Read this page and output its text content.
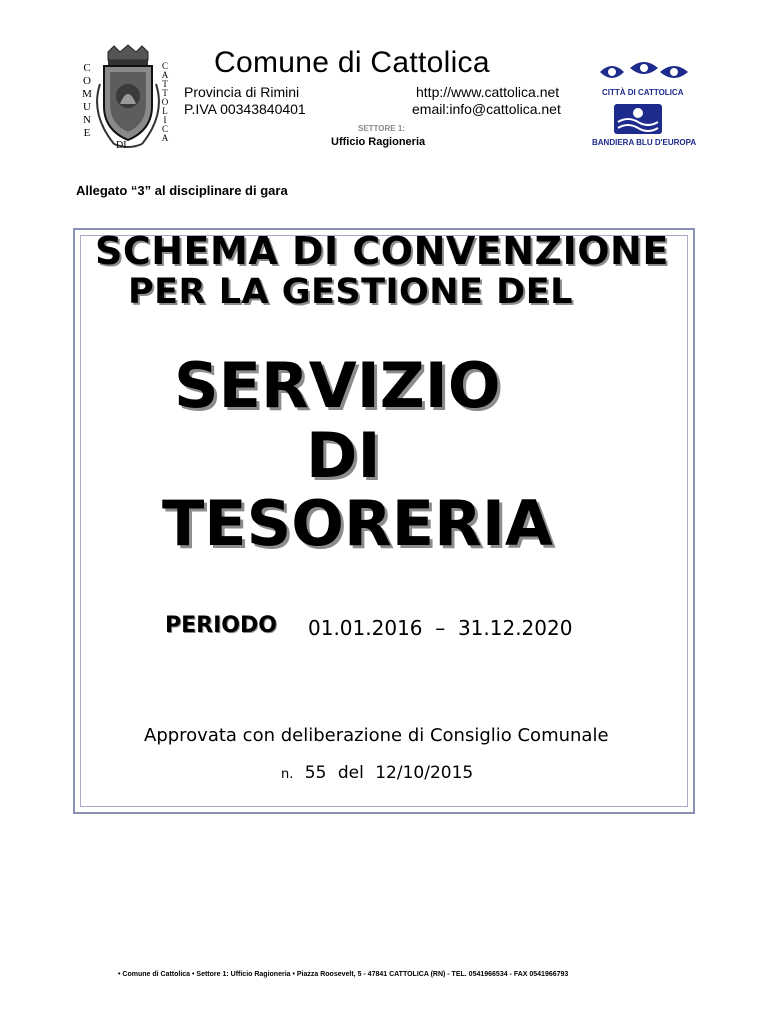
C
O
M
U
N
E
C
A
T
T
O
L
I
C
A
DI
Comune di Cattolica
Provincia di Rimini
P.IVA 00343840401
http://www.cattolica.net
email:info@cattolica.net
SETTORE 1:
Ufficio Ragioneria
CITTÀ DI CATTOLICA
BANDIERA BLU D'EUROPA
Allegato “3” al disciplinare di gara
SCHEMA DI CONVENZIONE
PER LA GESTIONE DEL
SERVIZIO
DI
TESORERIA
PERIODO 01.01.2016  –  31.12.2020
Approvata con deliberazione di Consiglio Comunale
n. 55 del 12/10/2015
• Comune di Cattolica • Settore 1: Ufficio Ragioneria • Piazza Roosevelt, 5 - 47841 CATTOLICA (RN) - TEL. 0541966534 - FAX 0541966793
